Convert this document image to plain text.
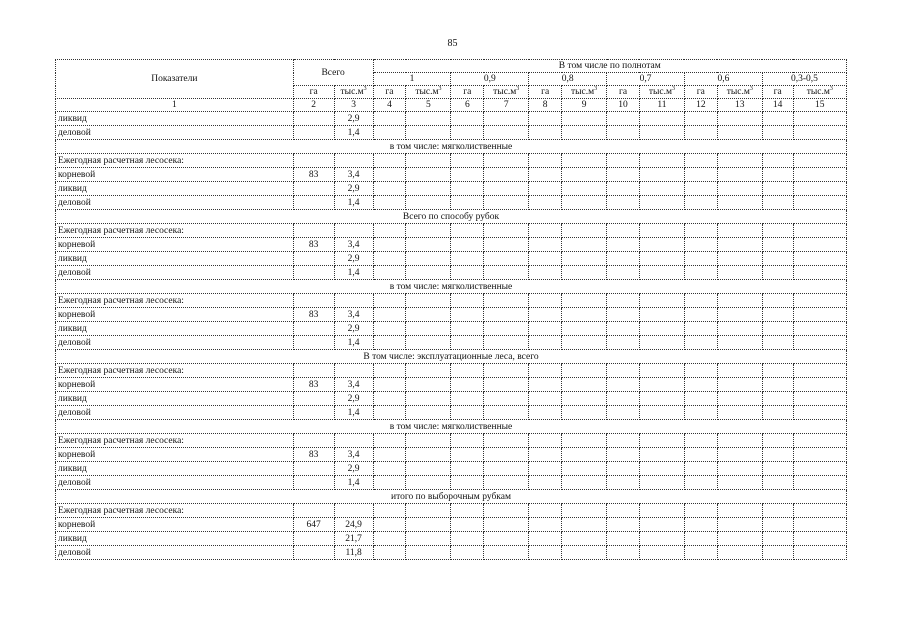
85
Показатели	Всего		В том числе по полнотам											
			1		0,9		0,8		0,7		0,6		0,3-0,5	
	га	$тыс.м^3$	га	$тыс.м^3$	га	$тыс.м^3$	га	$тыс.м^3$	га	$тыс.м^3$	га	$тыс.м^3$	га	$тыс.м^3$
1	2	3	4	5	6	7	8	9	10	11	12	13	14	15
ликвид		2,9												
деловой		1,4												
в том числе: мягколиственные														
Ежегодная расчетная лесосека:														
корневой	83	3,4												
ликвид		2,9												
деловой		1,4												
Всего по способу рубок														
Ежегодная расчетная лесосека:														
корневой	83	3,4												
ликвид		2,9												
деловой		1,4												
в том числе: мягколиственные														
Ежегодная расчетная лесосека:														
корневой	83	3,4												
ликвид		2,9												
деловой		1,4												
В том числе: эксплуатационные леса, всего														
Ежегодная расчетная лесосека:														
корневой	83	3,4												
ликвид		2,9												
деловой		1,4												
в том числе: мягколиственные														
Ежегодная расчетная лесосека:														
корневой	83	3,4												
ликвид		2,9												
деловой		1,4												
итого по выборочным рубкам														
Ежегодная расчетная лесосека:														
корневой	647	24,9												
ликвид		21,7												
деловой		11,8												
